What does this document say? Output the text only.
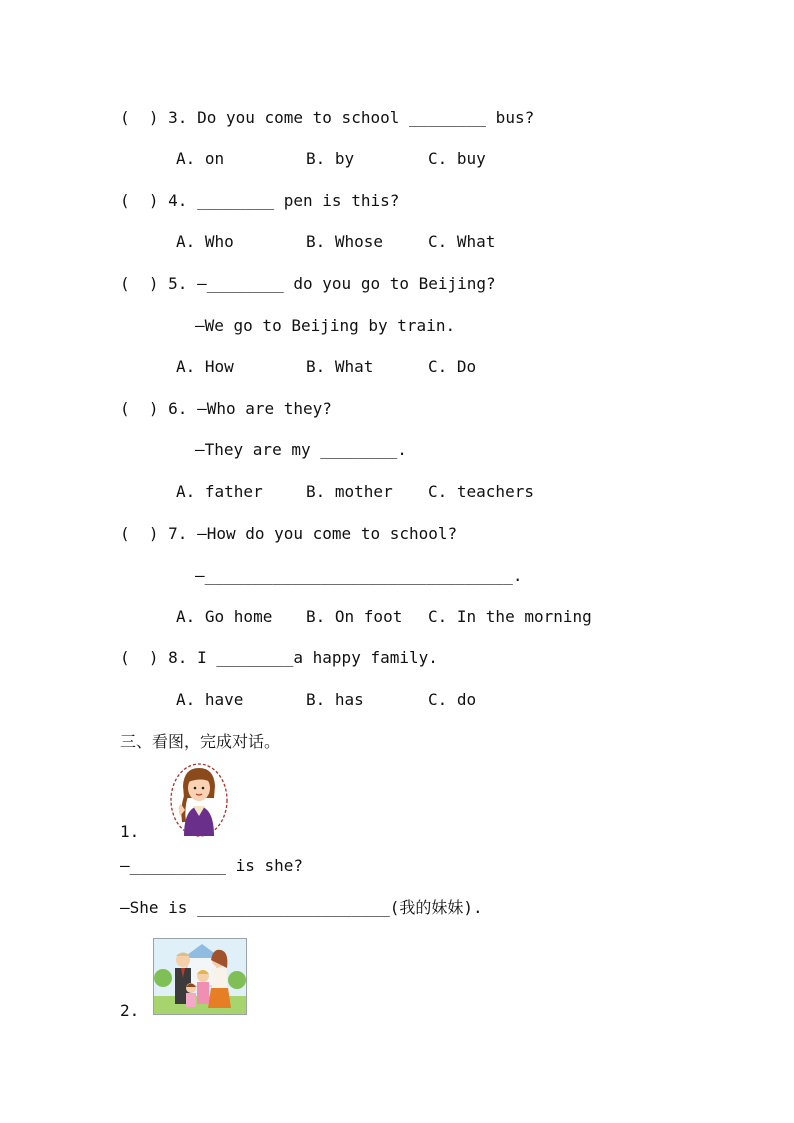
(  ) 3. Do you come to school ________ bus?
A. on	B. by	C. buy
(  ) 4. ________ pen is this?
A. Who	B. Whose	C. What
(  ) 5. —________ do you go to Beijing?
—We go to Beijing by train.
A. How	B. What	C. Do
(  ) 6. —Who are they?
—They are my ________.
A. father	B. mother C. teachers
(  ) 7. —How do you come to school?
—________________________________.
A. Go home B. On foot C. In the morning
(  ) 8. I ________a happy family.
A. have	B. has	C. do
三、看图，完成对话。
1.
—__________ is she?
—She is ____________________(我的妹妹).
2.
